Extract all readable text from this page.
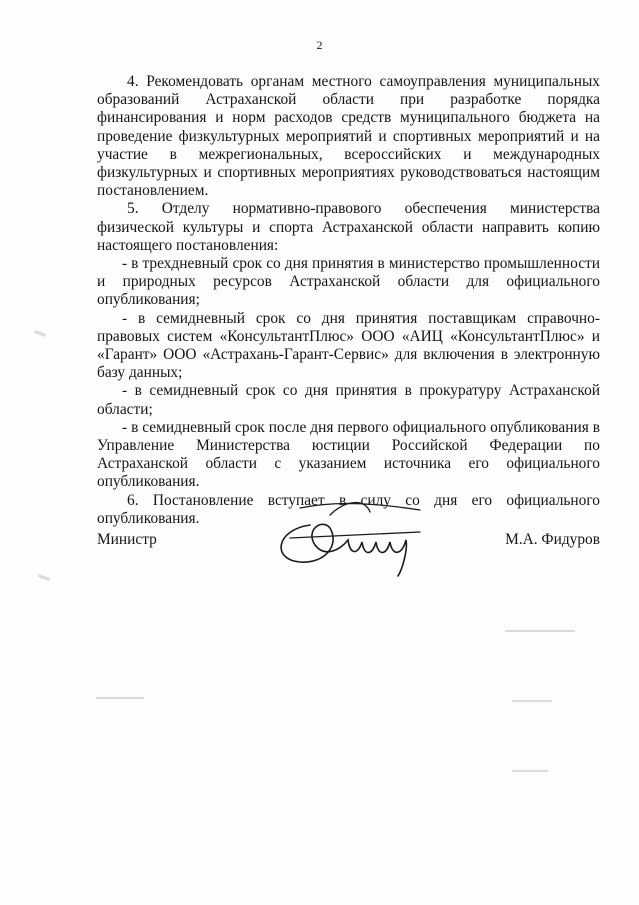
2

4. Рекомендовать органам местного самоуправления муниципальных образований Астраханской области при разработке порядка финансирования и норм расходов средств муниципального бюджета на проведение физкультурных мероприятий и спортивных мероприятий и на участие в межрегиональных, всероссийских и международных физкультурных и спортивных мероприятиях руководствоваться настоящим постановлением.

5. Отделу нормативно-правового обеспечения министерства физической культуры и спорта Астраханской области направить копию настоящего постановления:

- в трехдневный срок со дня принятия в министерство промышленности и природных ресурсов Астраханской области для официального опубликования;

- в семидневный срок со дня принятия поставщикам справочно-правовых систем «КонсультантПлюс» ООО «АИЦ «КонсультантПлюс» и «Гарант» ООО «Астрахань-Гарант-Сервис» для включения в электронную базу данных;

- в семидневный срок со дня принятия в прокуратуру Астраханской области;

- в семидневный срок после дня первого официального опубликования в Управление Министерства юстиции Российской Федерации по Астраханской области с указанием источника его официального опубликования.

6. Постановление вступает в силу со дня его официального опубликования.

Министр	М.А. Фидуров
